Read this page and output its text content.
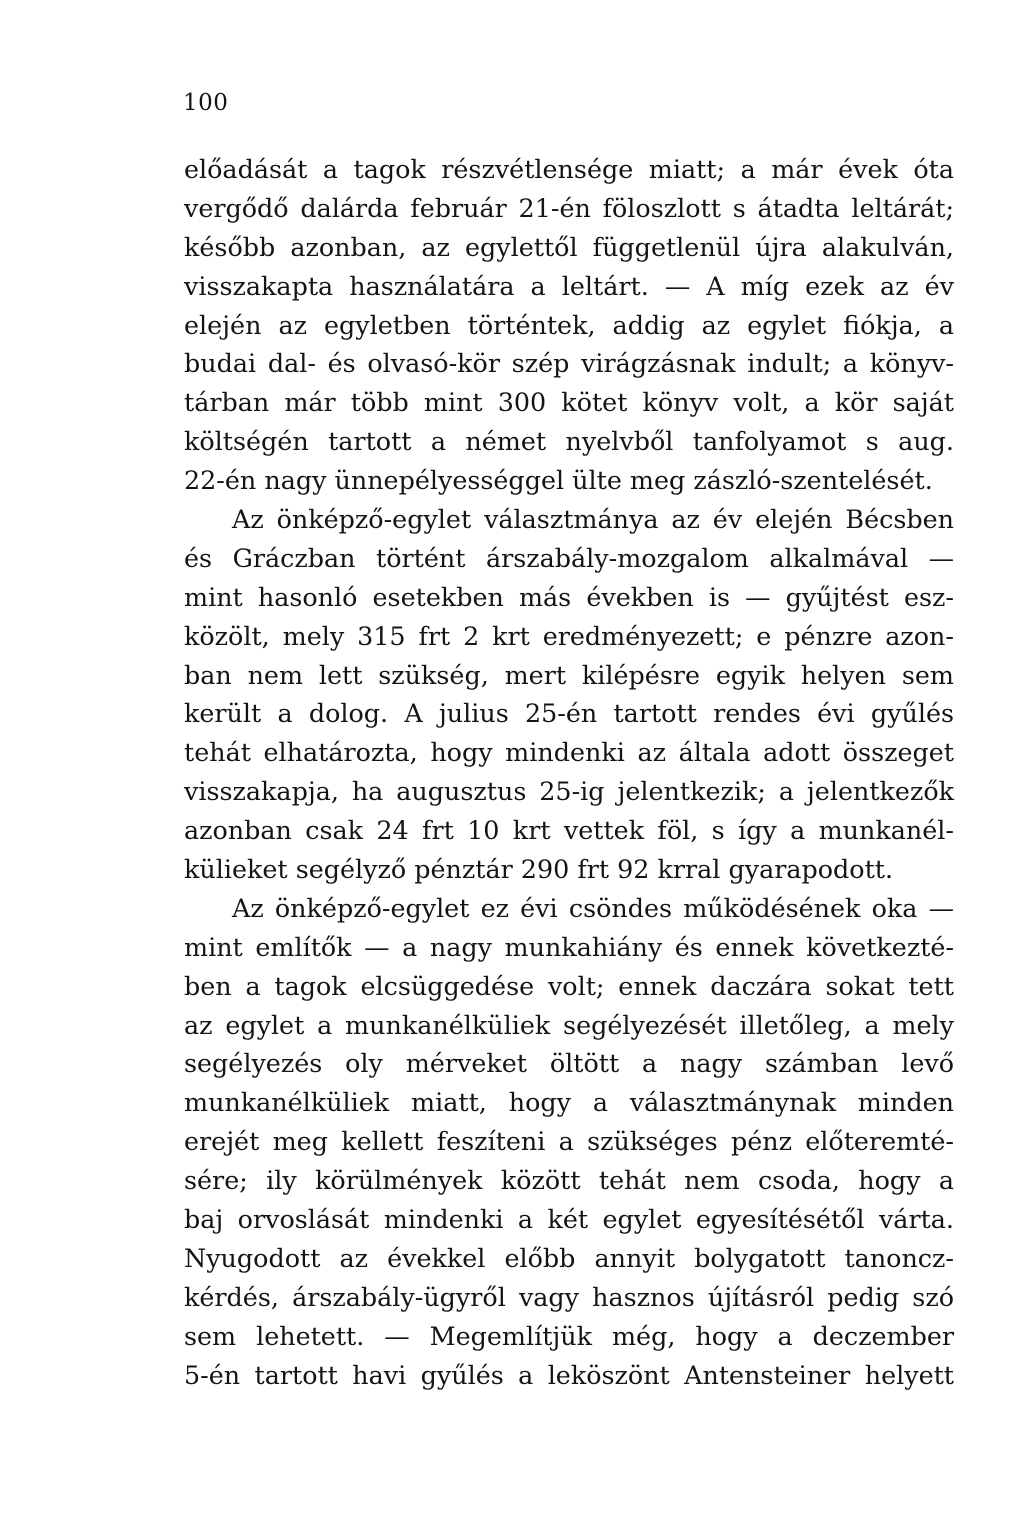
100
előadását a tagok részvétlensége miatt; a már évek óta
vergődő dalárda február 21-én föloszlott s átadta leltárát;
később azonban, az egylettől függetlenül újra alakulván,
visszakapta használatára a leltárt. — A míg ezek az év
elején az egyletben történtek, addig az egylet fiókja, a
budai dal- és olvasó-kör szép virágzásnak indult; a könyv-
tárban már több mint 300 kötet könyv volt, a kör saját
költségén tartott a német nyelvből tanfolyamot s aug.
22-én nagy ünnepélyességgel ülte meg zászló-szentelését.
Az önképző-egylet választmánya az év elején Bécsben
és Gráczban történt árszabály-mozgalom alkalmával —
mint hasonló esetekben más években is — gyűjtést esz-
közölt, mely 315 frt 2 krt eredményezett; e pénzre azon-
ban nem lett szükség, mert kilépésre egyik helyen sem
került a dolog. A julius 25-én tartott rendes évi gyűlés
tehát elhatározta, hogy mindenki az általa adott összeget
visszakapja, ha augusztus 25-ig jelentkezik; a jelentkezők
azonban csak 24 frt 10 krt vettek föl, s így a munkanél-
külieket segélyző pénztár 290 frt 92 krral gyarapodott.
Az önképző-egylet ez évi csöndes működésének oka —
mint említők — a nagy munkahiány és ennek következté-
ben a tagok elcsüggedése volt; ennek daczára sokat tett
az egylet a munkanélküliek segélyezését illetőleg, a mely
segélyezés oly mérveket öltött a nagy számban levő
munkanélküliek miatt, hogy a választmánynak minden
erejét meg kellett feszíteni a szükséges pénz előteremté-
sére; ily körülmények között tehát nem csoda, hogy a
baj orvoslását mindenki a két egylet egyesítésétől várta.
Nyugodott az évekkel előbb annyit bolygatott tanoncz-
kérdés, árszabály-ügyről vagy hasznos újításról pedig szó
sem lehetett. — Megemlítjük még, hogy a deczember
5-én tartott havi gyűlés a leköszönt Antensteiner helyett
